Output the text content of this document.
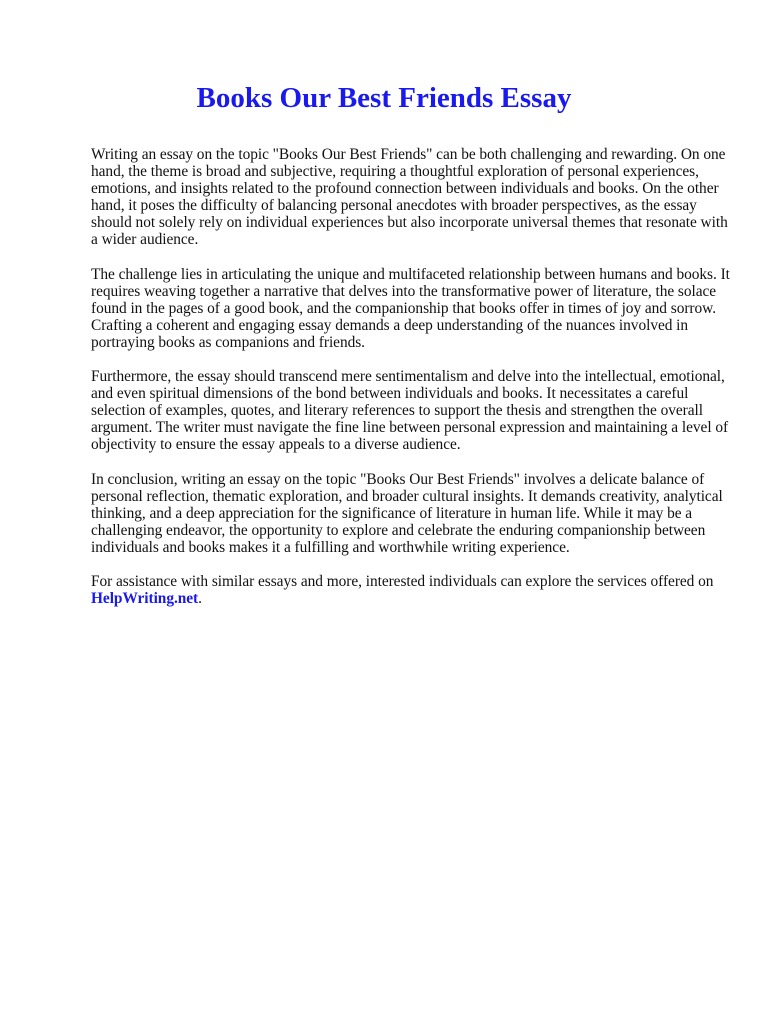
Books Our Best Friends Essay

Writing an essay on the topic "Books Our Best Friends" can be both challenging and rewarding. On one hand, the theme is broad and subjective, requiring a thoughtful exploration of personal experiences, emotions, and insights related to the profound connection between individuals and books. On the other hand, it poses the difficulty of balancing personal anecdotes with broader perspectives, as the essay should not solely rely on individual experiences but also incorporate universal themes that resonate with a wider audience.

The challenge lies in articulating the unique and multifaceted relationship between humans and books. It requires weaving together a narrative that delves into the transformative power of literature, the solace found in the pages of a good book, and the companionship that books offer in times of joy and sorrow. Crafting a coherent and engaging essay demands a deep understanding of the nuances involved in portraying books as companions and friends.

Furthermore, the essay should transcend mere sentimentalism and delve into the intellectual, emotional, and even spiritual dimensions of the bond between individuals and books. It necessitates a careful selection of examples, quotes, and literary references to support the thesis and strengthen the overall argument. The writer must navigate the fine line between personal expression and maintaining a level of objectivity to ensure the essay appeals to a diverse audience.

In conclusion, writing an essay on the topic "Books Our Best Friends" involves a delicate balance of personal reflection, thematic exploration, and broader cultural insights. It demands creativity, analytical thinking, and a deep appreciation for the significance of literature in human life. While it may be a challenging endeavor, the opportunity to explore and celebrate the enduring companionship between individuals and books makes it a fulfilling and worthwhile writing experience.

For assistance with similar essays and more, interested individuals can explore the services offered on HelpWriting.net.
